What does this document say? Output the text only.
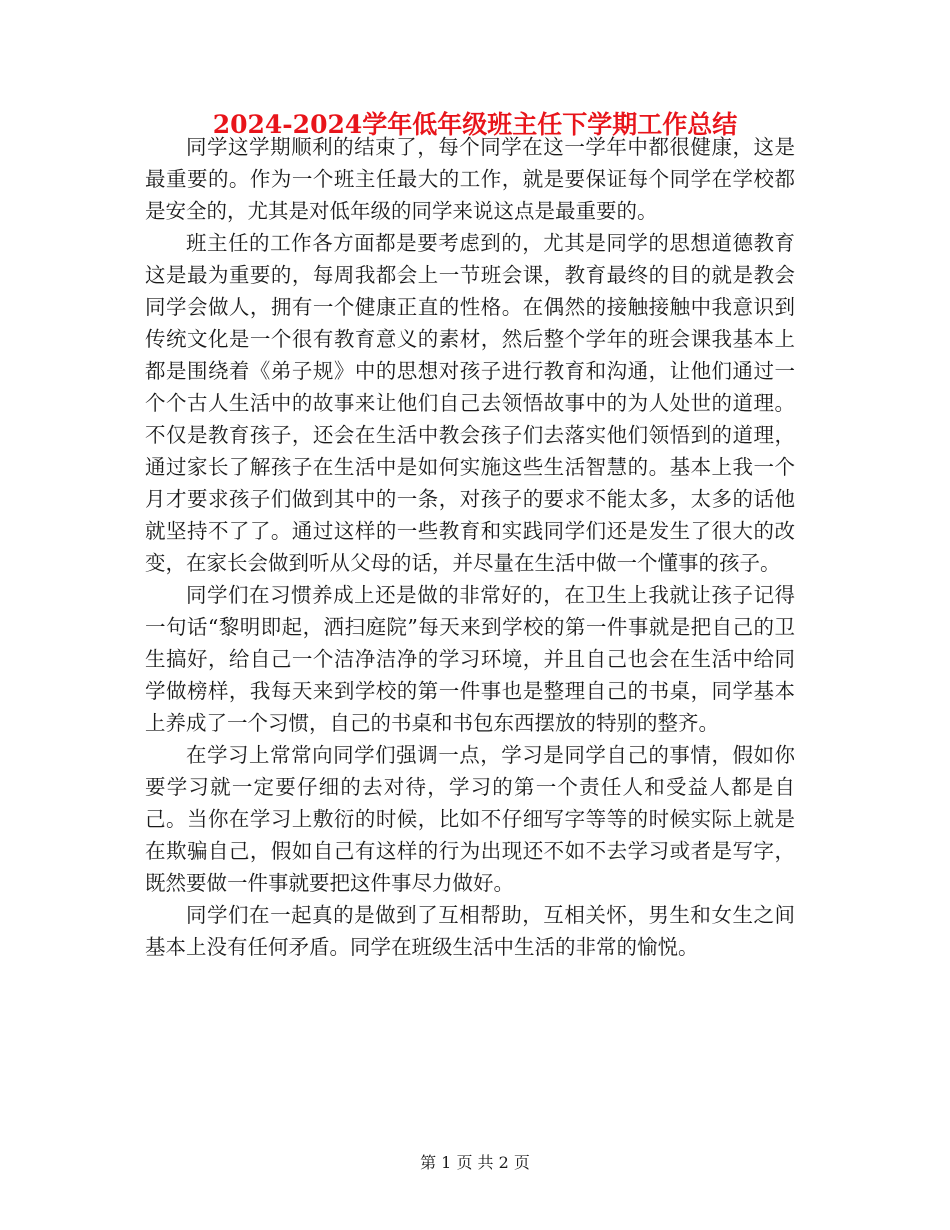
2024-2024学年低年级班主任下学期工作总结

同学这学期顺利的结束了，每个同学在这一学年中都很健康，这是最重要的。作为一个班主任最大的工作，就是要保证每个同学在学校都是安全的，尤其是对低年级的同学来说这点是最重要的。

班主任的工作各方面都是要考虑到的，尤其是同学的思想道德教育这是最为重要的，每周我都会上一节班会课，教育最终的目的就是教会同学会做人，拥有一个健康正直的性格。在偶然的接触接触中我意识到传统文化是一个很有教育意义的素材，然后整个学年的班会课我基本上都是围绕着《弟子规》中的思想对孩子进行教育和沟通，让他们通过一个个古人生活中的故事来让他们自己去领悟故事中的为人处世的道理。不仅是教育孩子，还会在生活中教会孩子们去落实他们领悟到的道理，通过家长了解孩子在生活中是如何实施这些生活智慧的。基本上我一个月才要求孩子们做到其中的一条，对孩子的要求不能太多，太多的话他就坚持不了了。通过这样的一些教育和实践同学们还是发生了很大的改变，在家长会做到听从父母的话，并尽量在生活中做一个懂事的孩子。

同学们在习惯养成上还是做的非常好的，在卫生上我就让孩子记得一句话“黎明即起，洒扫庭院”每天来到学校的第一件事就是把自己的卫生搞好，给自己一个洁净洁净的学习环境，并且自己也会在生活中给同学做榜样，我每天来到学校的第一件事也是整理自己的书桌，同学基本上养成了一个习惯，自己的书桌和书包东西摆放的特别的整齐。

在学习上常常向同学们强调一点，学习是同学自己的事情，假如你要学习就一定要仔细的去对待，学习的第一个责任人和受益人都是自己。当你在学习上敷衍的时候，比如不仔细写字等等的时候实际上就是在欺骗自己，假如自己有这样的行为出现还不如不去学习或者是写字，既然要做一件事就要把这件事尽力做好。

同学们在一起真的是做到了互相帮助，互相关怀，男生和女生之间基本上没有任何矛盾。同学在班级生活中生活的非常的愉悦。

第 1 页 共 2 页
